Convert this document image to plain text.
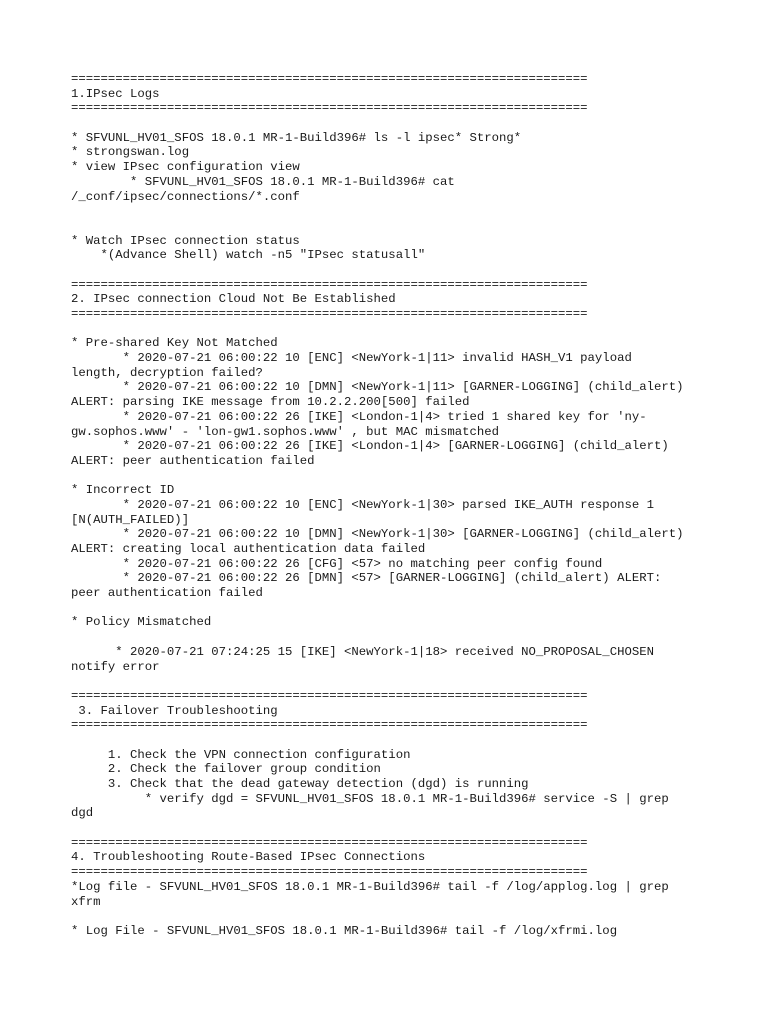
======================================================================
1.IPsec Logs
======================================================================
* SFVUNL_HV01_SFOS 18.0.1 MR-1-Build396# ls -l ipsec* Strong*
* strongswan.log
* view IPsec configuration view
* SFVUNL_HV01_SFOS 18.0.1 MR-1-Build396# cat
/_conf/ipsec/connections/*.conf
* Watch IPsec connection status
*(Advance Shell) watch -n5 "IPsec statusall"
======================================================================
2. IPsec connection Cloud Not Be Established
======================================================================
* Pre-shared Key Not Matched
* 2020-07-21 06:00:22 10 [ENC] <NewYork-1|11> invalid HASH_V1 payload
length, decryption failed?
* 2020-07-21 06:00:22 10 [DMN] <NewYork-1|11> [GARNER-LOGGING] (child_alert)
ALERT: parsing IKE message from 10.2.2.200[500] failed
* 2020-07-21 06:00:22 26 [IKE] <London-1|4> tried 1 shared key for 'ny-
gw.sophos.www' - 'lon-gw1.sophos.www' , but MAC mismatched
* 2020-07-21 06:00:22 26 [IKE] <London-1|4> [GARNER-LOGGING] (child_alert)
ALERT: peer authentication failed
* Incorrect ID
* 2020-07-21 06:00:22 10 [ENC] <NewYork-1|30> parsed IKE_AUTH response 1
[N(AUTH_FAILED)]
* 2020-07-21 06:00:22 10 [DMN] <NewYork-1|30> [GARNER-LOGGING] (child_alert)
ALERT: creating local authentication data failed
* 2020-07-21 06:00:22 26 [CFG] <57> no matching peer config found
* 2020-07-21 06:00:22 26 [DMN] <57> [GARNER-LOGGING] (child_alert) ALERT:
peer authentication failed
* Policy Mismatched
* 2020-07-21 07:24:25 15 [IKE] <NewYork-1|18> received NO_PROPOSAL_CHOSEN
notify error
======================================================================
3. Failover Troubleshooting
======================================================================
1. Check the VPN connection configuration
2. Check the failover group condition
3. Check that the dead gateway detection (dgd) is running
* verify dgd = SFVUNL_HV01_SFOS 18.0.1 MR-1-Build396# service -S | grep
dgd
======================================================================
4. Troubleshooting Route-Based IPsec Connections
======================================================================
*Log file - SFVUNL_HV01_SFOS 18.0.1 MR-1-Build396# tail -f /log/applog.log | grep
xfrm
* Log File - SFVUNL_HV01_SFOS 18.0.1 MR-1-Build396# tail -f /log/xfrmi.log
